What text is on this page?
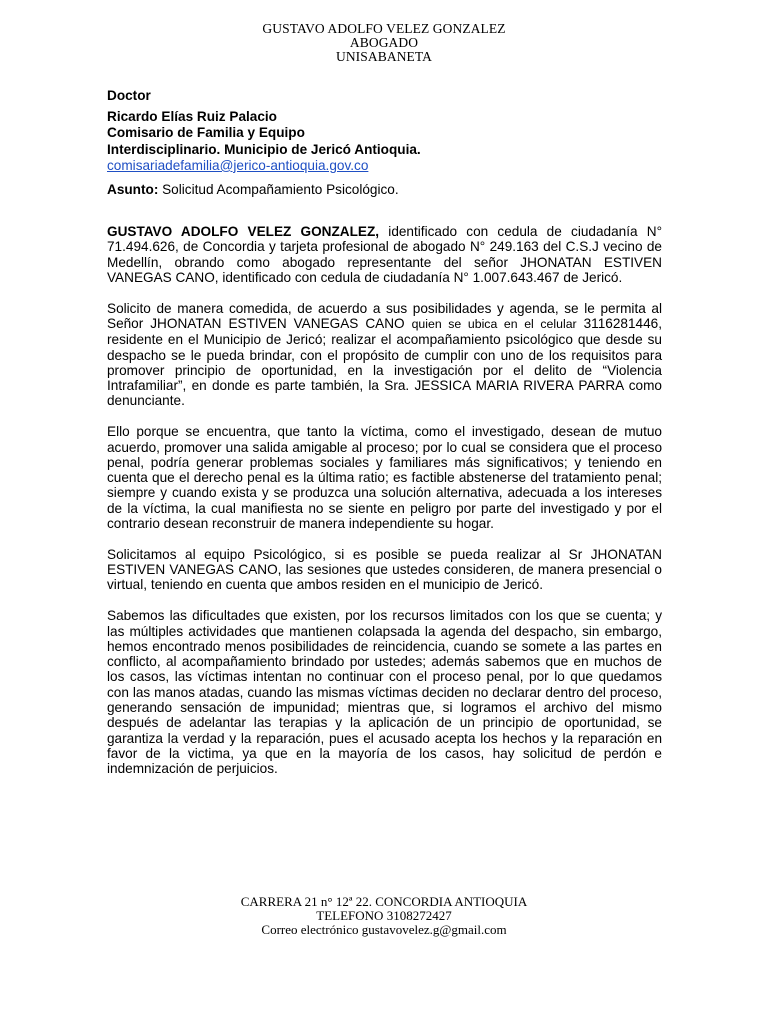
GUSTAVO ADOLFO VELEZ GONZALEZ
ABOGADO
UNISABANETA
Doctor
Ricardo Elías Ruiz Palacio
Comisario de Familia y Equipo
Interdisciplinario. Municipio de Jericó Antioquia.
comisariadefamilia@jerico-antioquia.gov.co
Asunto: Solicitud Acompañamiento Psicológico.

GUSTAVO ADOLFO VELEZ GONZALEZ, identificado con cedula de ciudadanía N° 71.494.626, de Concordia y tarjeta profesional de abogado N° 249.163 del C.S.J vecino de Medellín, obrando como abogado representante del señor JHONATAN ESTIVEN VANEGAS CANO, identificado con cedula de ciudadanía N° 1.007.643.467 de Jericó.

Solicito de manera comedida, de acuerdo a sus posibilidades y agenda, se le permita al Señor JHONATAN ESTIVEN VANEGAS CANO quien se ubica en el celular 3116281446, residente en el Municipio de Jericó; realizar el acompañamiento psicológico que desde su despacho se le pueda brindar, con el propósito de cumplir con uno de los requisitos para promover principio de oportunidad, en la investigación por el delito de “Violencia Intrafamiliar”, en donde es parte también, la Sra. JESSICA MARIA RIVERA PARRA como denunciante.

Ello porque se encuentra, que tanto la víctima, como el investigado, desean de mutuo acuerdo, promover una salida amigable al proceso; por lo cual se considera que el proceso penal, podría generar problemas sociales y familiares más significativos; y teniendo en cuenta que el derecho penal es la última ratio; es factible abstenerse del tratamiento penal; siempre y cuando exista y se produzca una solución alternativa, adecuada a los intereses de la víctima, la cual manifiesta no se siente en peligro por parte del investigado y por el contrario desean reconstruir de manera independiente su hogar.

Solicitamos al equipo Psicológico, si es posible se pueda realizar al Sr JHONATAN ESTIVEN VANEGAS CANO, las sesiones que ustedes consideren, de manera presencial o virtual, teniendo en cuenta que ambos residen en el municipio de Jericó.

Sabemos las dificultades que existen, por los recursos limitados con los que se cuenta; y las múltiples actividades que mantienen colapsada la agenda del despacho, sin embargo, hemos encontrado menos posibilidades de reincidencia, cuando se somete a las partes en conflicto, al acompañamiento brindado por ustedes; además sabemos que en muchos de los casos, las víctimas intentan no continuar con el proceso penal, por lo que quedamos con las manos atadas, cuando las mismas víctimas deciden no declarar dentro del proceso, generando sensación de impunidad; mientras que, si logramos el archivo del mismo después de adelantar las terapias y la aplicación de un principio de oportunidad, se garantiza la verdad y la reparación, pues el acusado acepta los hechos y la reparación en favor de la victima, ya que en la mayoría de los casos, hay solicitud de perdón e indemnización de perjuicios.

CARRERA 21 n° 12ª 22. CONCORDIA ANTIOQUIA
TELEFONO 3108272427
Correo electrónico gustavovelez.g@gmail.com
